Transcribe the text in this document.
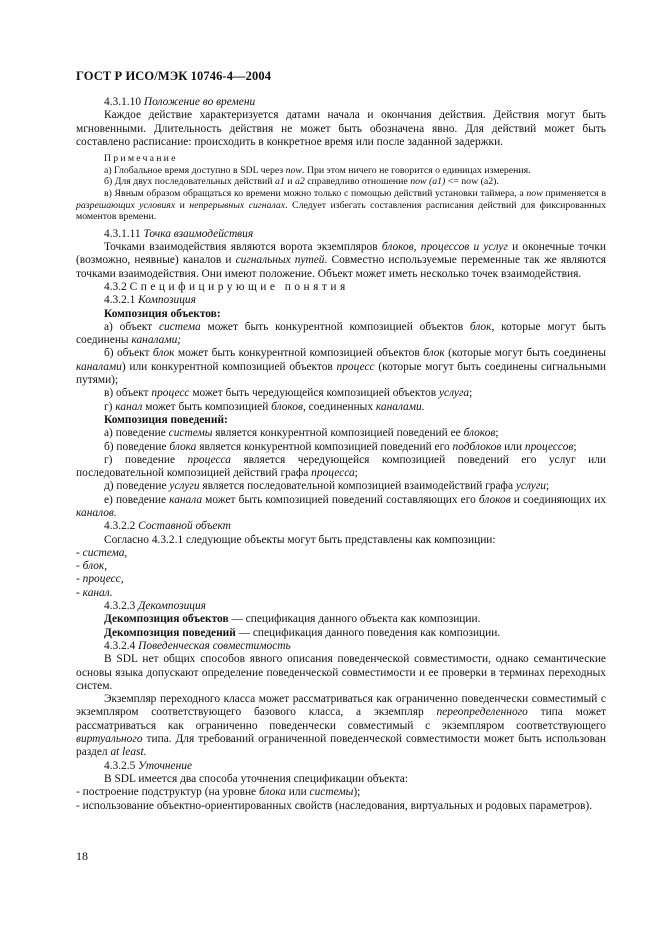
ГОСТ Р ИСО/МЭК 10746-4—2004

4.3.1.10 Положение во времени

Каждое действие характеризуется датами начала и окончания действия. Действия могут быть мгновенными. Длительность действия не может быть обозначена явно. Для действий может быть составлено расписание: происходить в конкретное время или после заданной задержки.

Примечание

а) Глобальное время доступно в SDL через now. При этом ничего не говорится о единицах измерения.

б) Для двух последовательных действий a1 и a2 справедливо отношение now (a1) <= now (a2).

в) Явным образом обращаться ко времени можно только с помощью действий установки таймера, а now применяется в разрешающих условиях и непрерывных сигналах. Следует избегать составления расписания действий для фиксированных моментов времени.

4.3.1.11 Точка взаимодействия

Точками взаимодействия являются ворота экземпляров блоков, процессов и услуг и оконечные точки (возможно, неявные) каналов и сигнальных путей. Совместно используемые переменные так же являются точками взаимодействия. Они имеют положение. Объект может иметь несколько точек взаимодействия.

4.3.2 Специфицирующие понятия

4.3.2.1 Композиция

Композиция объектов:

а) объект система может быть конкурентной композицией объектов блок, которые могут быть соединены каналами;

б) объект блок может быть конкурентной композицией объектов блок (которые могут быть соединены каналами) или конкурентной композицией объектов процесс (которые могут быть соединены сигнальными путями);

в) объект процесс может быть чередующейся композицией объектов услуга;

г) канал может быть композицией блоков, соединенных каналами.

Композиция поведений:

а) поведение системы является конкурентной композицией поведений ее блоков;

б) поведение блока является конкурентной композицией поведений его подблоков или процессов;

г) поведение процесса является чередующейся композицией поведений его услуг или последовательной композицией действий графа процесса;

д) поведение услуги является последовательной композицией взаимодействий графа услуги;

е) поведение канала может быть композицией поведений составляющих его блоков и соединяющих их каналов.

4.3.2.2 Составной объект

Согласно 4.3.2.1 следующие объекты могут быть представлены как композиции:

- система,

- блок,

- процесс,

- канал.

4.3.2.3 Декомпозиция

Декомпозиция объектов — спецификация данного объекта как композиции.

Декомпозиция поведений — спецификация данного поведения как композиции.

4.3.2.4 Поведенческая совместимость

В SDL нет общих способов явного описания поведенческой совместимости, однако семантические основы языка допускают определение поведенческой совместимости и ее проверки в терминах переходных систем.

Экземпляр переходного класса может рассматриваться как ограниченно поведенчески совместимый с экземпляром соответствующего базового класса, а экземпляр переопределенного типа может рассматриваться как ограниченно поведенчески совместимый с экземпляром соответствующего виртуального типа. Для требований ограниченной поведенческой совместимости может быть использован раздел at least.

4.3.2.5 Уточнение

В SDL имеется два способа уточнения спецификации объекта:

- построение подструктур (на уровне блока или системы);

- использование объектно-ориентированных свойств (наследования, виртуальных и родовых параметров).

18
